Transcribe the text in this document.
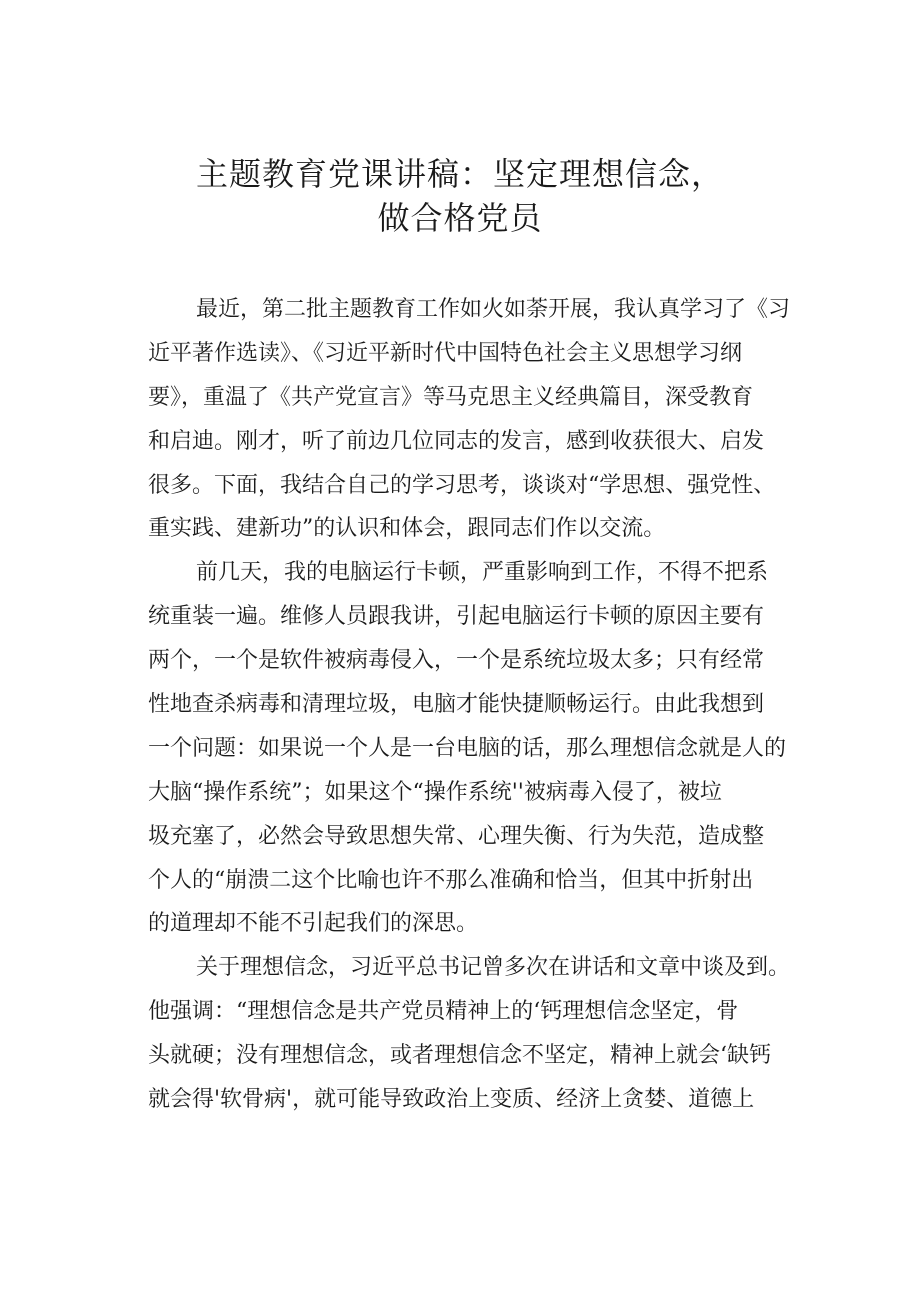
主题教育党课讲稿：坚定理想信念，
做合格党员
最近，第二批主题教育工作如火如荼开展，我认真学习了《习
近平著作选读》、《习近平新时代中国特色社会主义思想学习纲
要》，重温了《共产党宣言》等马克思主义经典篇目，深受教育
和启迪。刚才，听了前边几位同志的发言，感到收获很大、启发
很多。下面，我结合自己的学习思考，谈谈对“学思想、强党性、
重实践、建新功”的认识和体会，跟同志们作以交流。
前几天，我的电脑运行卡顿，严重影响到工作，不得不把系
统重装一遍。维修人员跟我讲，引起电脑运行卡顿的原因主要有
两个，一个是软件被病毒侵入，一个是系统垃圾太多；只有经常
性地查杀病毒和清理垃圾，电脑才能快捷顺畅运行。由此我想到
一个问题：如果说一个人是一台电脑的话，那么理想信念就是人的
大脑“操作系统”；如果这个“操作系统''被病毒入侵了，被垃
圾充塞了，必然会导致思想失常、心理失衡、行为失范，造成整
个人的“崩溃二这个比喻也许不那么准确和恰当，但其中折射出
的道理却不能不引起我们的深思。
关于理想信念，习近平总书记曾多次在讲话和文章中谈及到。
他强调：“理想信念是共产党员精神上的‘钙理想信念坚定，骨
头就硬；没有理想信念，或者理想信念不坚定，精神上就会‘缺钙
就会得'软骨病'，就可能导致政治上变质、经济上贪婪、道德上
